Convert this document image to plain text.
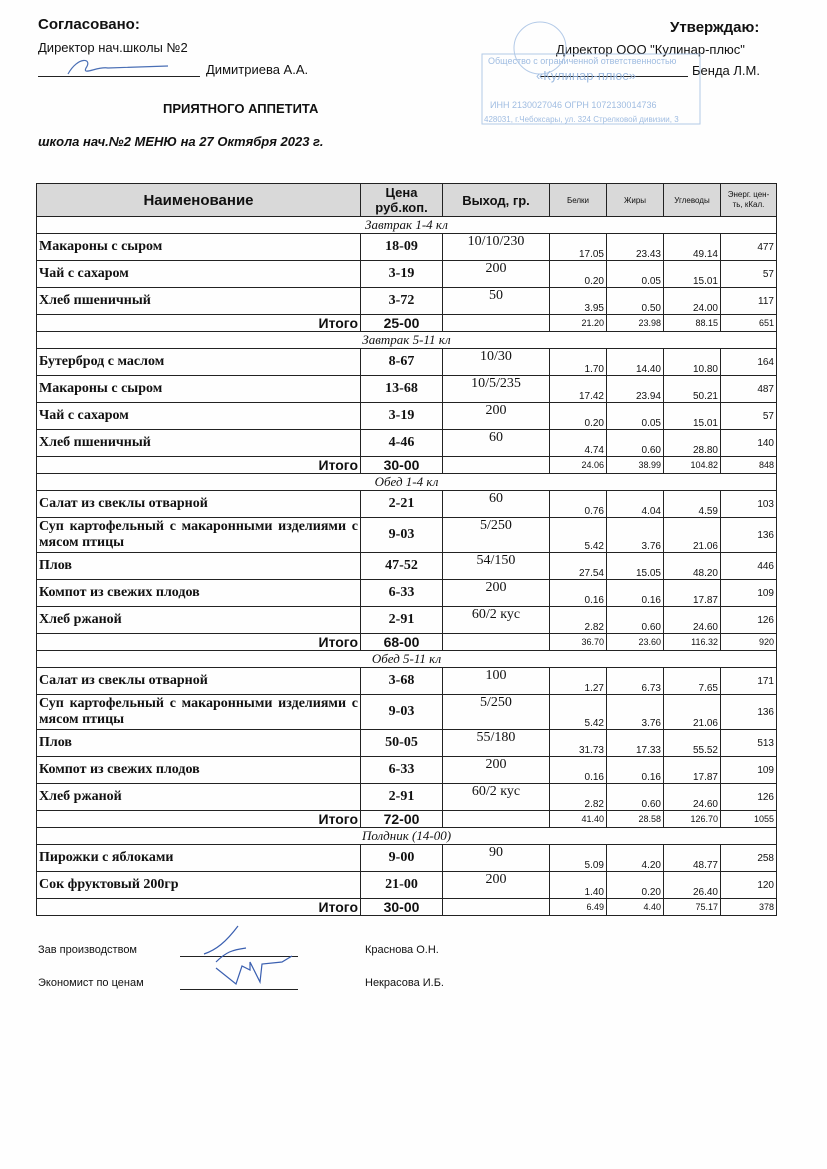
Согласовано:
Директор нач.школы №2
Димитриева А.А.
Утверждаю:
Директор ООО "Кулинар-плюс"
Бенда Л.М.
Общество с ограниченной ответственностью
«Кулинар-плюс»
ИНН 2130027046 ОГРН 1072130014736
428031, г.Чебоксары, ул. 324 Стрелковой дивизии, 3
ПРИЯТНОГО АППЕТИТА
школа нач.№2 МЕНЮ на 27 Октября 2023 г.
Наименование	Цена руб.коп.	Выход, гр.	Белки	Жиры	Углеводы	Энерг. цен-ть, кКал.
Завтрак 1-4 кл						
Макароны с сыром	18-09	10/10/230	17.05	23.43	49.14	477
Чай с сахаром	3-19	200	0.20	0.05	15.01	57
Хлеб пшеничный	3-72	50	3.95	0.50	24.00	117
Итого	25-00		21.20	23.98	88.15	651
Завтрак 5-11 кл						
Бутерброд с маслом	8-67	10/30	1.70	14.40	10.80	164
Макароны с сыром	13-68	10/5/235	17.42	23.94	50.21	487
Чай с сахаром	3-19	200	0.20	0.05	15.01	57
Хлеб пшеничный	4-46	60	4.74	0.60	28.80	140
Итого	30-00		24.06	38.99	104.82	848
Обед 1-4 кл						
Салат из свеклы отварной	2-21	60	0.76	4.04	4.59	103
Суп картофельный с макаронными изделиями с мясом птицы	9-03	5/250	5.42	3.76	21.06	136
Плов	47-52	54/150	27.54	15.05	48.20	446
Компот из свежих плодов	6-33	200	0.16	0.16	17.87	109
Хлеб ржаной	2-91	60/2 кус	2.82	0.60	24.60	126
Итого	68-00		36.70	23.60	116.32	920
Обед 5-11 кл						
Салат из свеклы отварной	3-68	100	1.27	6.73	7.65	171
Суп картофельный с макаронными изделиями с мясом птицы	9-03	5/250	5.42	3.76	21.06	136
Плов	50-05	55/180	31.73	17.33	55.52	513
Компот из свежих плодов	6-33	200	0.16	0.16	17.87	109
Хлеб ржаной	2-91	60/2 кус	2.82	0.60	24.60	126
Итого	72-00		41.40	28.58	126.70	1055
Полдник (14-00)						
Пирожки с яблоками	9-00	90	5.09	4.20	48.77	258
Сок фруктовый 200гр	21-00	200	1.40	0.20	26.40	120
Итого	30-00		6.49	4.40	75.17	378
Зав производством	Краснова О.Н.
Экономист по ценам	Некрасова И.Б.
